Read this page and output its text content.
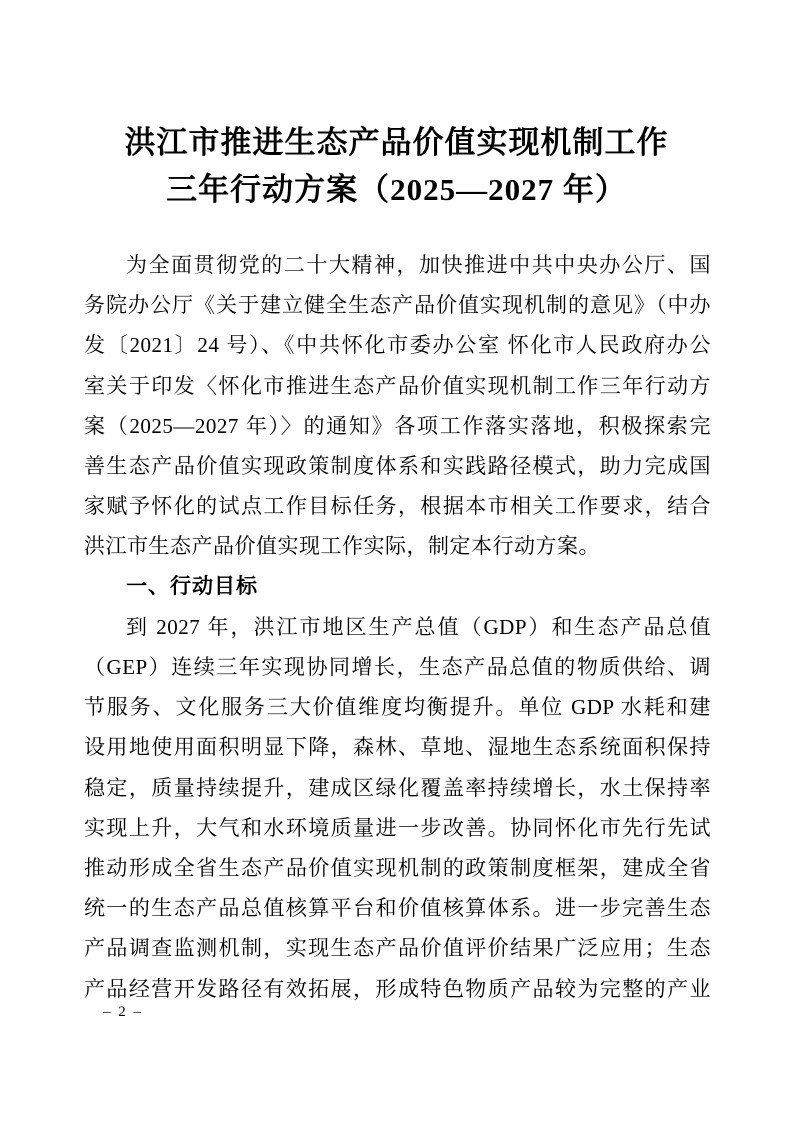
洪江市推进生态产品价值实现机制工作
三年行动方案（2025—2027 年）
为全面贯彻党的二十大精神，加快推进中共中央办公厅、国
务院办公厅《关于建立健全生态产品价值实现机制的意见》（中办
发〔2021〕24 号）、《中共怀化市委办公室 怀化市人民政府办公
室关于印发〈怀化市推进生态产品价值实现机制工作三年行动方
案（2025—2027 年）〉的通知》各项工作落实落地，积极探索完
善生态产品价值实现政策制度体系和实践路径模式，助力完成国
家赋予怀化的试点工作目标任务，根据本市相关工作要求，结合
洪江市生态产品价值实现工作实际，制定本行动方案。
一、行动目标
到 2027 年，洪江市地区生产总值（GDP）和生态产品总值
（GEP）连续三年实现协同增长，生态产品总值的物质供给、调
节服务、文化服务三大价值维度均衡提升。单位 GDP 水耗和建
设用地使用面积明显下降，森林、草地、湿地生态系统面积保持
稳定，质量持续提升，建成区绿化覆盖率持续增长，水土保持率
实现上升，大气和水环境质量进一步改善。协同怀化市先行先试
推动形成全省生态产品价值实现机制的政策制度框架，建成全省
统一的生态产品总值核算平台和价值核算体系。进一步完善生态
产品调查监测机制，实现生态产品价值评价结果广泛应用；生态
产品经营开发路径有效拓展，形成特色物质产品较为完整的产业
– 2 –
